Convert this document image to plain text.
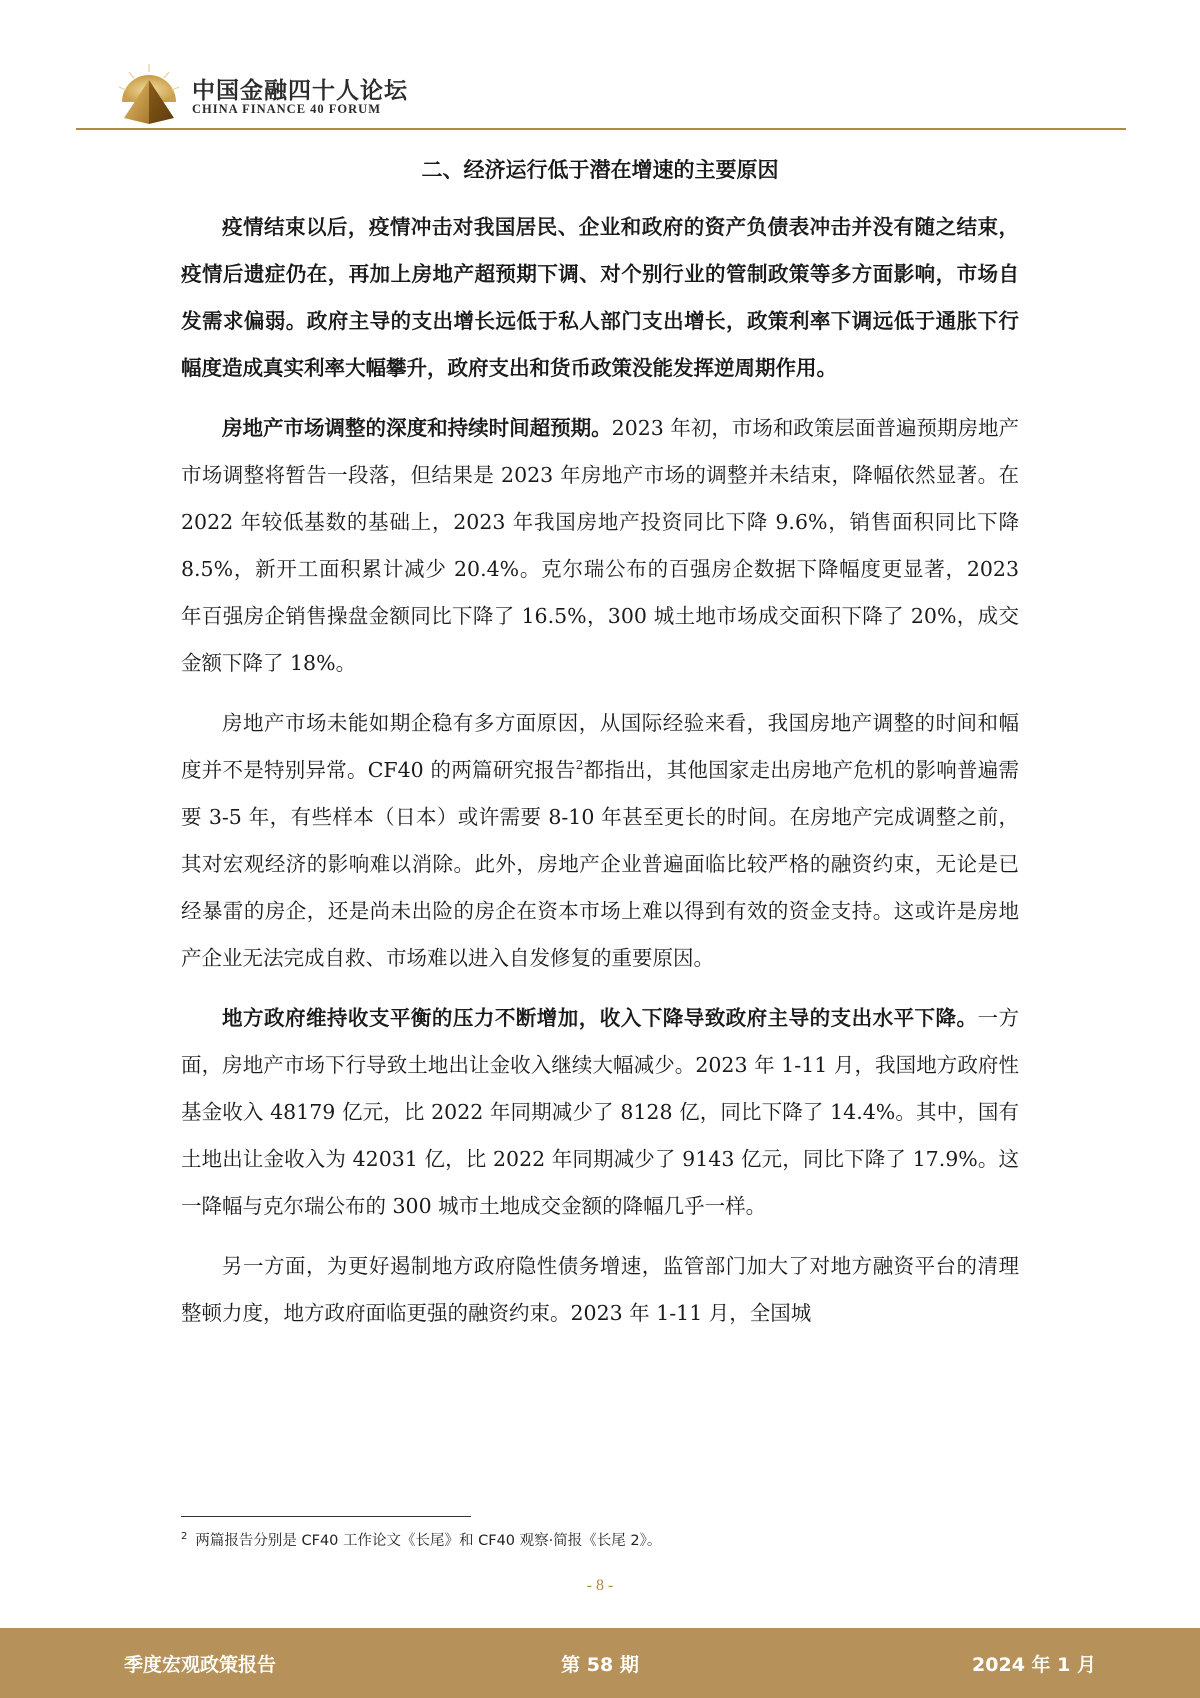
中国金融四十人论坛
CHINA FINANCE 40 FORUM
二、经济运行低于潜在增速的主要原因

疫情结束以后，疫情冲击对我国居民、企业和政府的资产负债表冲击并没有随之结束，疫情后遗症仍在，再加上房地产超预期下调、对个别行业的管制政策等多方面影响，市场自发需求偏弱。政府主导的支出增长远低于私人部门支出增长，政策利率下调远低于通胀下行幅度造成真实利率大幅攀升，政府支出和货币政策没能发挥逆周期作用。

房地产市场调整的深度和持续时间超预期。2023 年初，市场和政策层面普遍预期房地产市场调整将暂告一段落，但结果是 2023 年房地产市场的调整并未结束，降幅依然显著。在 2022 年较低基数的基础上，2023 年我国房地产投资同比下降 9.6%，销售面积同比下降 8.5%，新开工面积累计减少 20.4%。克尔瑞公布的百强房企数据下降幅度更显著，2023 年百强房企销售操盘金额同比下降了 16.5%，300 城土地市场成交面积下降了 20%，成交金额下降了 18%。

房地产市场未能如期企稳有多方面原因，从国际经验来看，我国房地产调整的时间和幅度并不是特别异常。CF40 的两篇研究报告$^2$都指出，其他国家走出房地产危机的影响普遍需要 3-5 年，有些样本（日本）或许需要 8-10 年甚至更长的时间。在房地产完成调整之前，其对宏观经济的影响难以消除。此外，房地产企业普遍面临比较严格的融资约束，无论是已经暴雷的房企，还是尚未出险的房企在资本市场上难以得到有效的资金支持。这或许是房地产企业无法完成自救、市场难以进入自发修复的重要原因。

地方政府维持收支平衡的压力不断增加，收入下降导致政府主导的支出水平下降。一方面，房地产市场下行导致土地出让金收入继续大幅减少。2023 年 1-11 月，我国地方政府性基金收入 48179 亿元，比 2022 年同期减少了 8128 亿，同比下降了 14.4%。其中，国有土地出让金收入为 42031 亿，比 2022 年同期减少了 9143 亿元，同比下降了 17.9%。这一降幅与克尔瑞公布的 300 城市土地成交金额的降幅几乎一样。

另一方面，为更好遏制地方政府隐性债务增速，监管部门加大了对地方融资平台的清理整顿力度，地方政府面临更强的融资约束。2023 年 1-11 月，全国城

$^2$ 两篇报告分别是 CF40 工作论文《长尾》和 CF40 观察·简报《长尾 2》。
- 8 -
季度宏观政策报告	第 58 期	2024 年 1 月
